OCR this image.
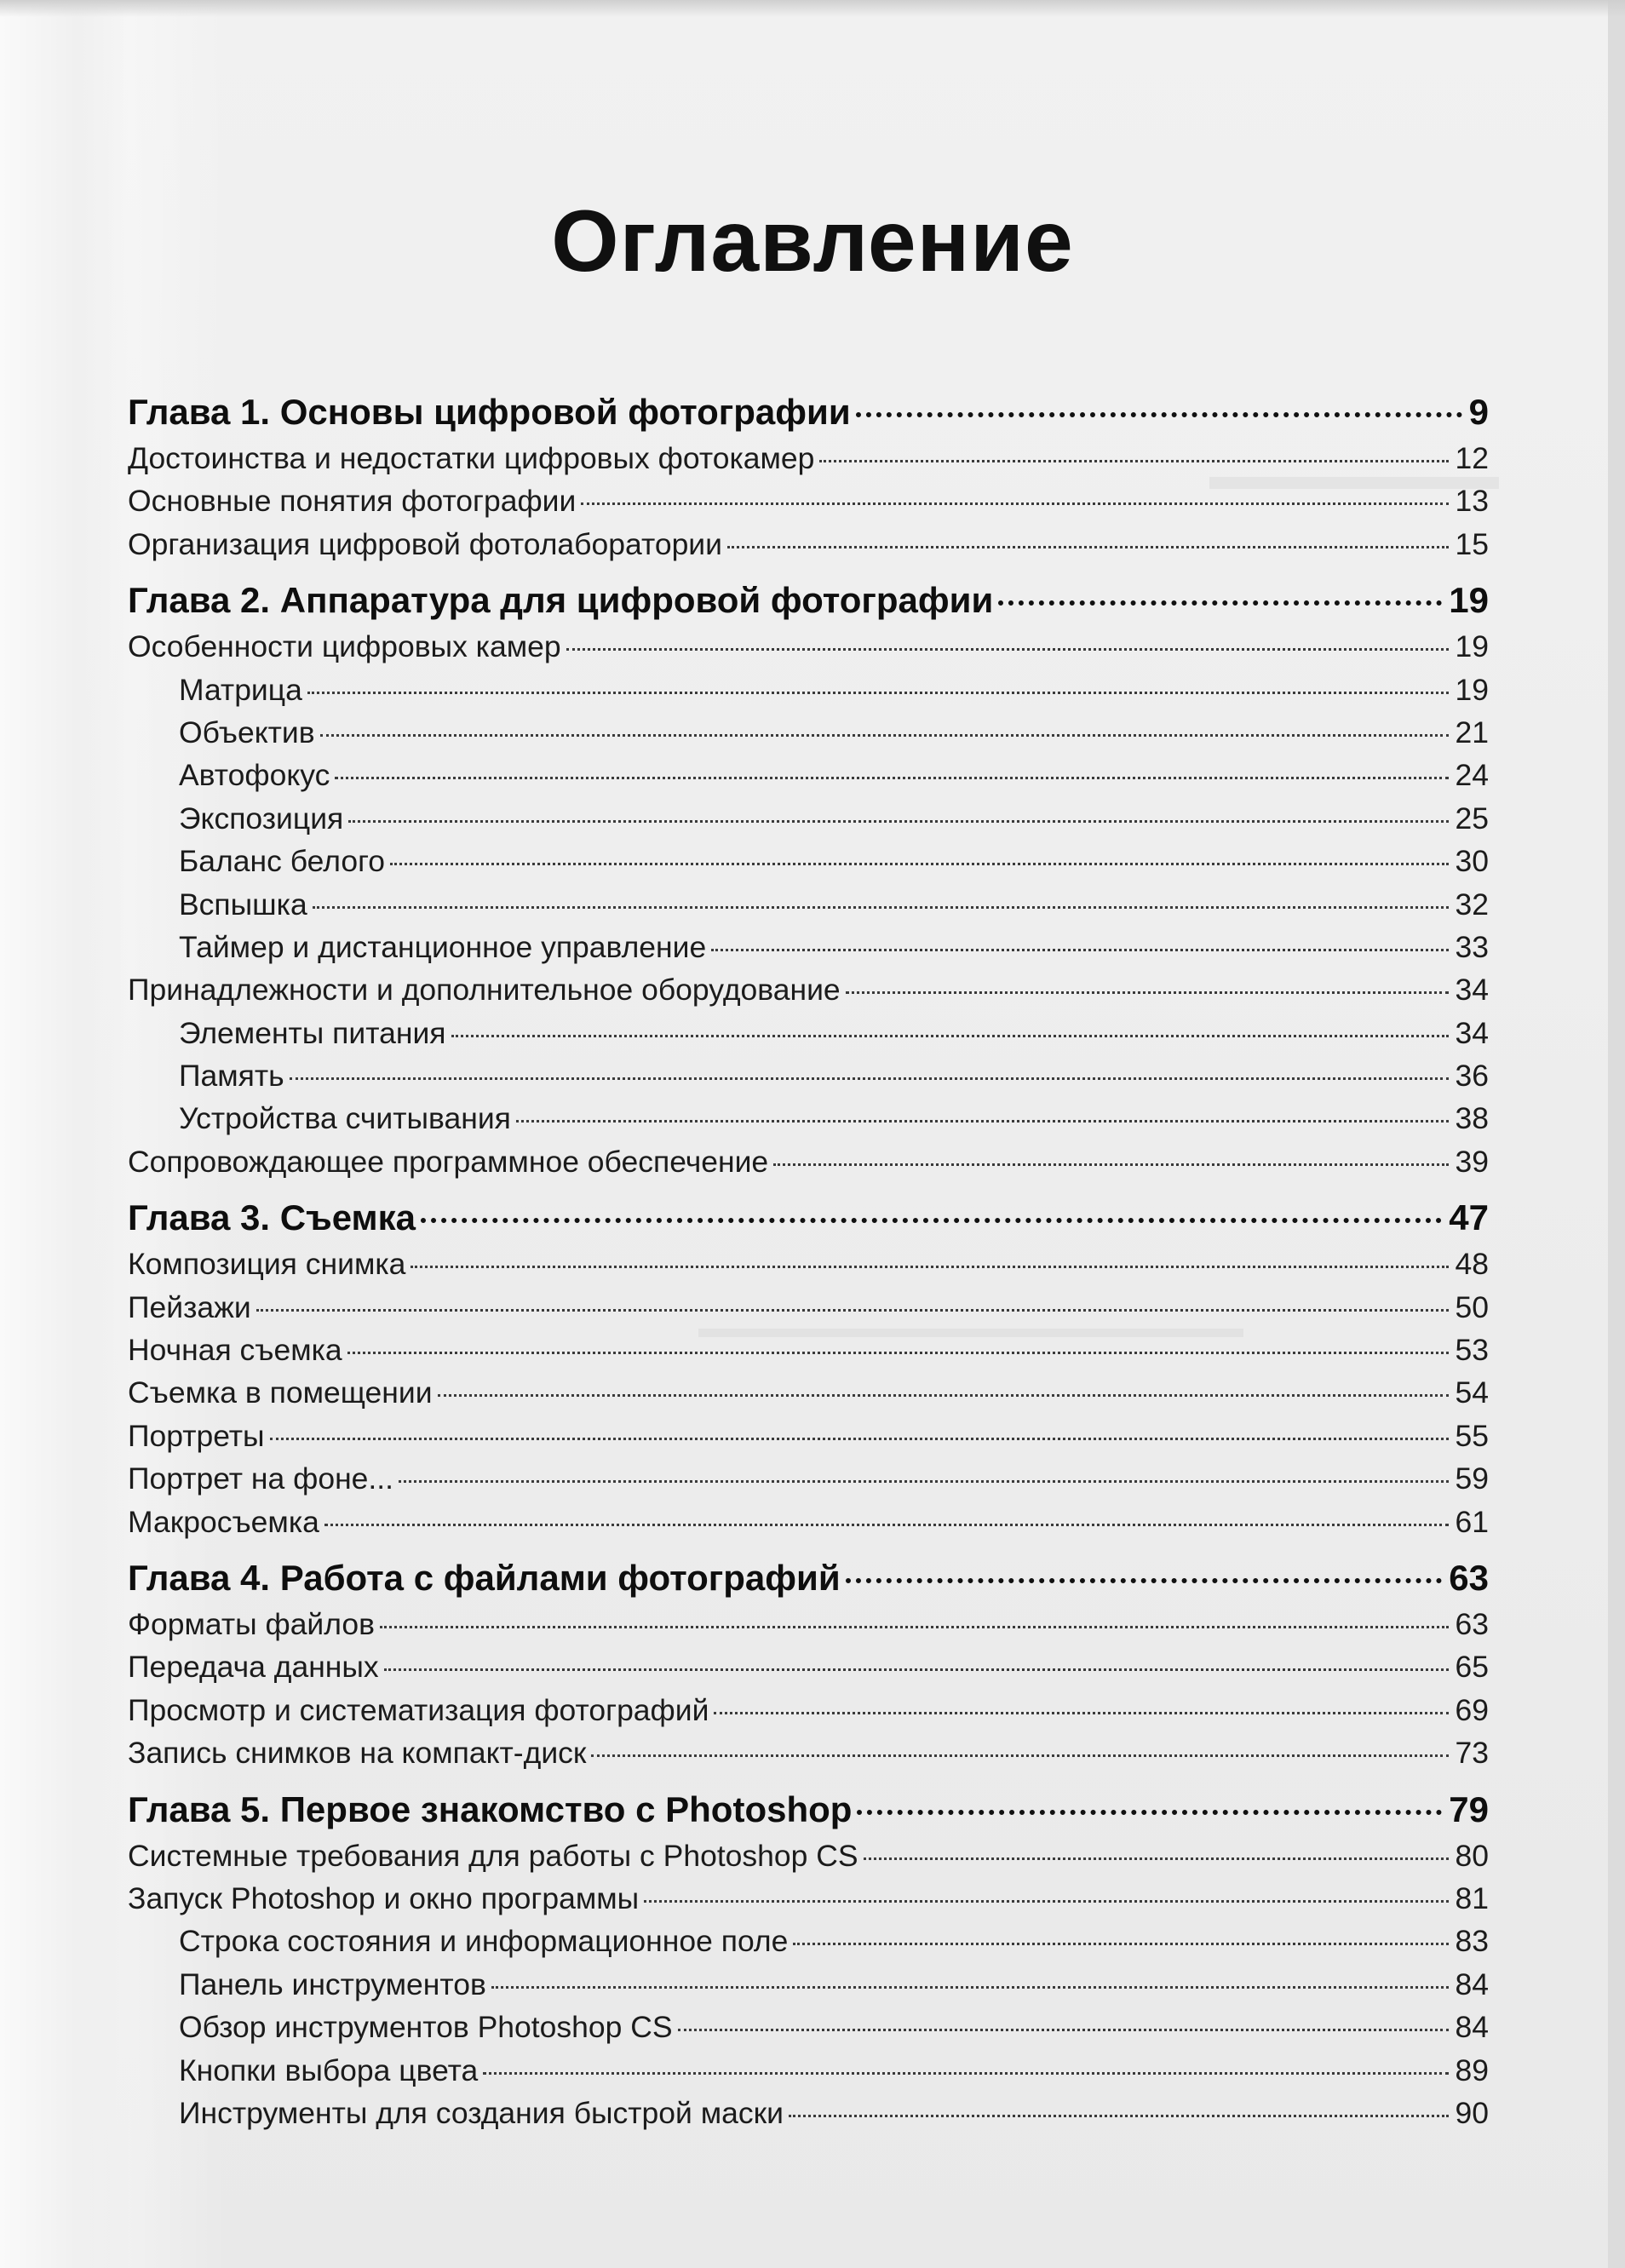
Оглавление
Глава 1. Основы цифровой фотографии	9
Достоинства и недостатки цифровых фотокамер	12
Основные понятия фотографии	13
Организация цифровой фотолаборатории	15
Глава 2. Аппаратура для цифровой фотографии	19
Особенности цифровых камер	19
Матрица	19
Объектив	21
Автофокус	24
Экспозиция	25
Баланс белого	30
Вспышка	32
Таймер и дистанционное управление	33
Принадлежности и дополнительное оборудование	34
Элементы питания	34
Память	36
Устройства считывания	38
Сопровождающее программное обеспечение	39
Глава 3. Съемка	47
Композиция снимка	48
Пейзажи	50
Ночная съемка	53
Съемка в помещении	54
Портреты	55
Портрет на фоне...	59
Макросъемка	61
Глава 4. Работа с файлами фотографий	63
Форматы файлов	63
Передача данных	65
Просмотр и систематизация фотографий	69
Запись снимков на компакт-диск	73
Глава 5. Первое знакомство с Photoshop	79
Системные требования для работы с Photoshop CS	80
Запуск Photoshop и окно программы	81
Строка состояния и информационное поле	83
Панель инструментов	84
Обзор инструментов Photoshop CS	84
Кнопки выбора цвета	89
Инструменты для создания быстрой маски	90
